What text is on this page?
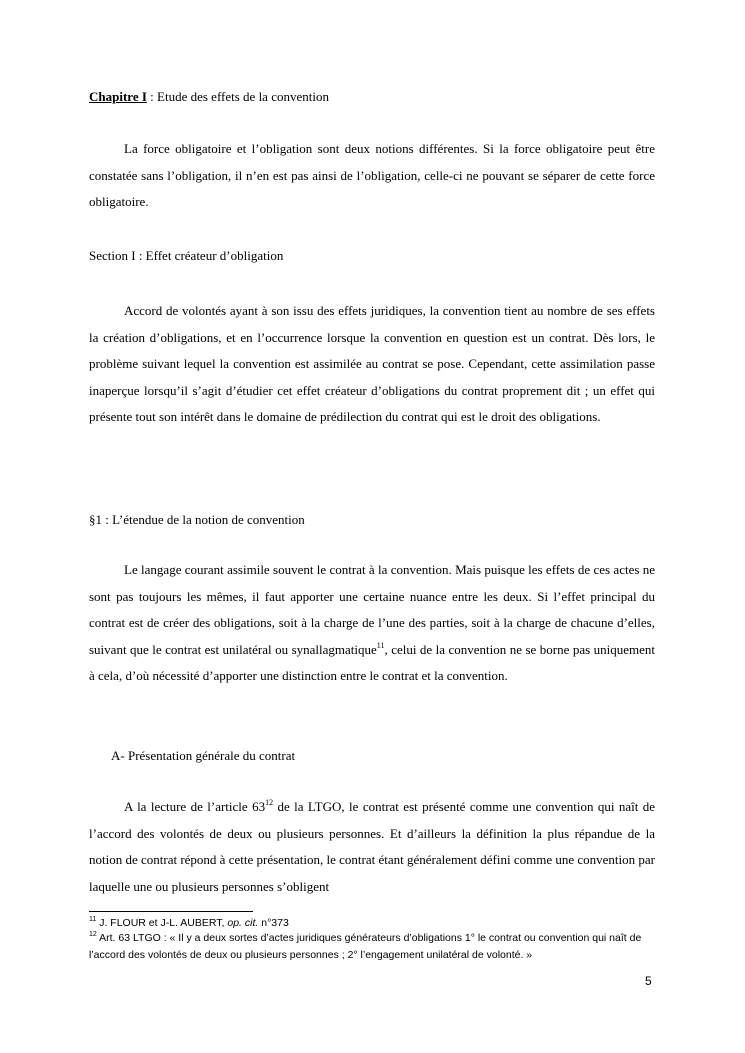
Chapitre I : Etude des effets de la convention
La force obligatoire et l’obligation sont deux notions différentes. Si la force obligatoire peut être constatée sans l’obligation, il n’en est pas ainsi de l’obligation, celle-ci ne pouvant se séparer de cette force obligatoire.
Section I : Effet créateur d’obligation
Accord de volontés ayant à son issu des effets juridiques, la convention tient au nombre de ses effets la création d’obligations, et en l’occurrence lorsque la convention en question est un contrat. Dès lors, le problème suivant lequel la convention est assimilée au contrat se pose. Cependant, cette assimilation passe inaperçue lorsqu’il s’agit d’étudier cet effet créateur d’obligations du contrat proprement dit ; un effet qui présente tout son intérêt dans le domaine de prédilection du contrat qui est le droit des obligations.
§1 : L’étendue de la notion de convention
Le langage courant assimile souvent le contrat à la convention. Mais puisque les effets de ces actes ne sont pas toujours les mêmes, il faut apporter une certaine nuance entre les deux. Si l’effet principal du contrat est de créer des obligations, soit à la charge de l’une des parties, soit à la charge de chacune d’elles, suivant que le contrat est unilatéral ou synallagmatique$^{11}$, celui de la convention ne se borne pas uniquement à cela, d’où nécessité d’apporter une distinction entre le contrat et la convention.
A- Présentation générale du contrat
A la lecture de l’article $63^{12}$ de la LTGO, le contrat est présenté comme une convention qui naît de l’accord des volontés de deux ou plusieurs personnes. Et d’ailleurs la définition la plus répandue de la notion de contrat répond à cette présentation, le contrat étant généralement défini comme une convention par laquelle une ou plusieurs personnes s’obligent
$^{11}$ J. FLOUR et J-L. AUBERT, op. cit. n°373
$^{12}$ Art. 63 LTGO : « Il y a deux sortes d’actes juridiques générateurs d’obligations 1° le contrat ou convention qui naît de l’accord des volontés de deux ou plusieurs personnes ; 2° l’engagement unilatéral de volonté. »
5
